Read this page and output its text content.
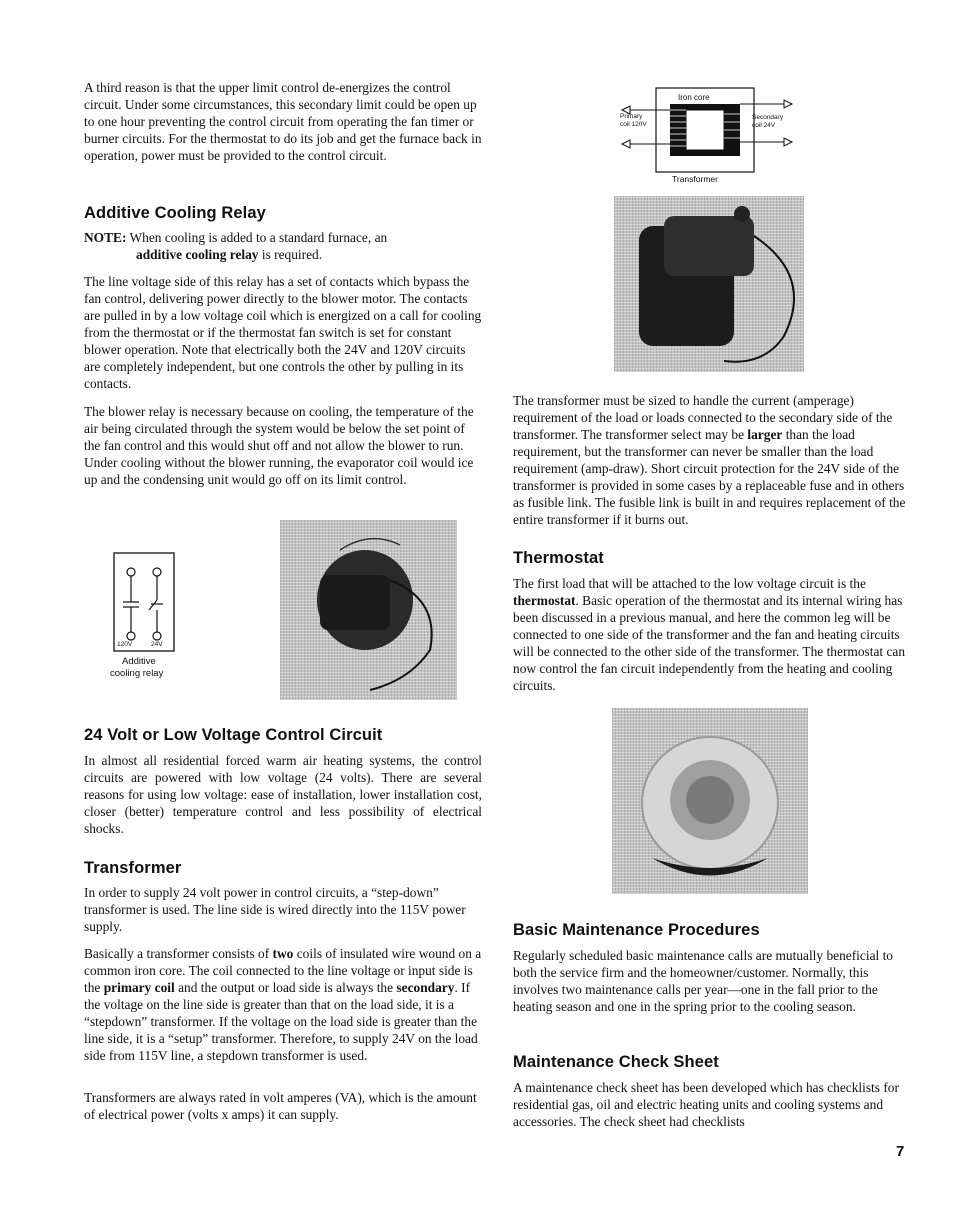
A third reason is that the upper limit control de-energizes the control circuit. Under some circumstances, this secondary limit could be open up to one hour preventing the control circuit from operating the fan timer or burner circuits. For the thermostat to do its job and get the furnace back in operation, power must be provided to the control circuit.

Additive Cooling Relay

NOTE: When cooling is added to a standard furnace, an

additive cooling relay is required.

The line voltage side of this relay has a set of contacts which bypass the fan control, delivering power directly to the blower motor. The contacts are pulled in by a low voltage coil which is energized on a call for cooling from the thermostat or if the thermostat fan switch is set for constant blower operation. Note that electrically both the 24V and 120V circuits are completely independent, but one controls the other by pulling in its contacts.

The blower relay is necessary because on cooling, the temperature of the air being circulated through the system would be below the set point of the fan control and this would shut off and not allow the blower to run. Under cooling without the blower running, the evaporator coil would ice up and the condensing unit would go off on its limit control.

120V	24V
Additive
cooling relay
24 Volt or Low Voltage Control Circuit

In almost all residential forced warm air heating systems, the control circuits are powered with low voltage (24 volts). There are several reasons for using low voltage: ease of installation, lower installation cost, closer (better) temperature control and less possibility of electrical shocks.

Transformer

In order to supply 24 volt power in control circuits, a “step-down” transformer is used. The line side is wired directly into the 115V power supply.

Basically a transformer consists of two coils of insulated wire wound on a common iron core. The coil connected to the line voltage or input side is the primary coil and the output or load side is always the secondary. If the voltage on the line side is greater than that on the load side, it is a “stepdown” transformer. If the voltage on the load side is greater than the line side, it is a “setup” transformer. Therefore, to supply 24V on the load side from 115V line, a stepdown transformer is used.

Transformers are always rated in volt amperes (VA), which is the amount of electrical power (volts x amps) it can supply.

Iron core
Primary
coil 120V
Secondary
coil 24V
Transformer

The transformer must be sized to handle the current (amperage) requirement of the load or loads connected to the secondary side of the transformer. The transformer select may be larger than the load requirement, but the transformer can never be smaller than the load requirement (amp-draw). Short circuit protection for the 24V side of the transformer is provided in some cases by a replaceable fuse and in others as fusible link. The fusible link is built in and requires replacement of the entire transformer if it burns out.

Thermostat

The first load that will be attached to the low voltage circuit is the thermostat. Basic operation of the thermostat and its internal wiring has been discussed in a previous manual, and here the common leg will be connected to one side of the transformer and the fan and heating circuits will be connected to the other side of the transformer. The thermostat can now control the fan circuit independently from the heating and cooling circuits.

Basic Maintenance Procedures

Regularly scheduled basic maintenance calls are mutually beneficial to both the service firm and the homeowner/customer. Normally, this involves two maintenance calls per year—one in the fall prior to the heating season and one in the spring prior to the cooling season.

Maintenance Check Sheet

A maintenance check sheet has been developed which has checklists for residential gas, oil and electric heating units and cooling systems and accessories. The check sheet had checklists

7
